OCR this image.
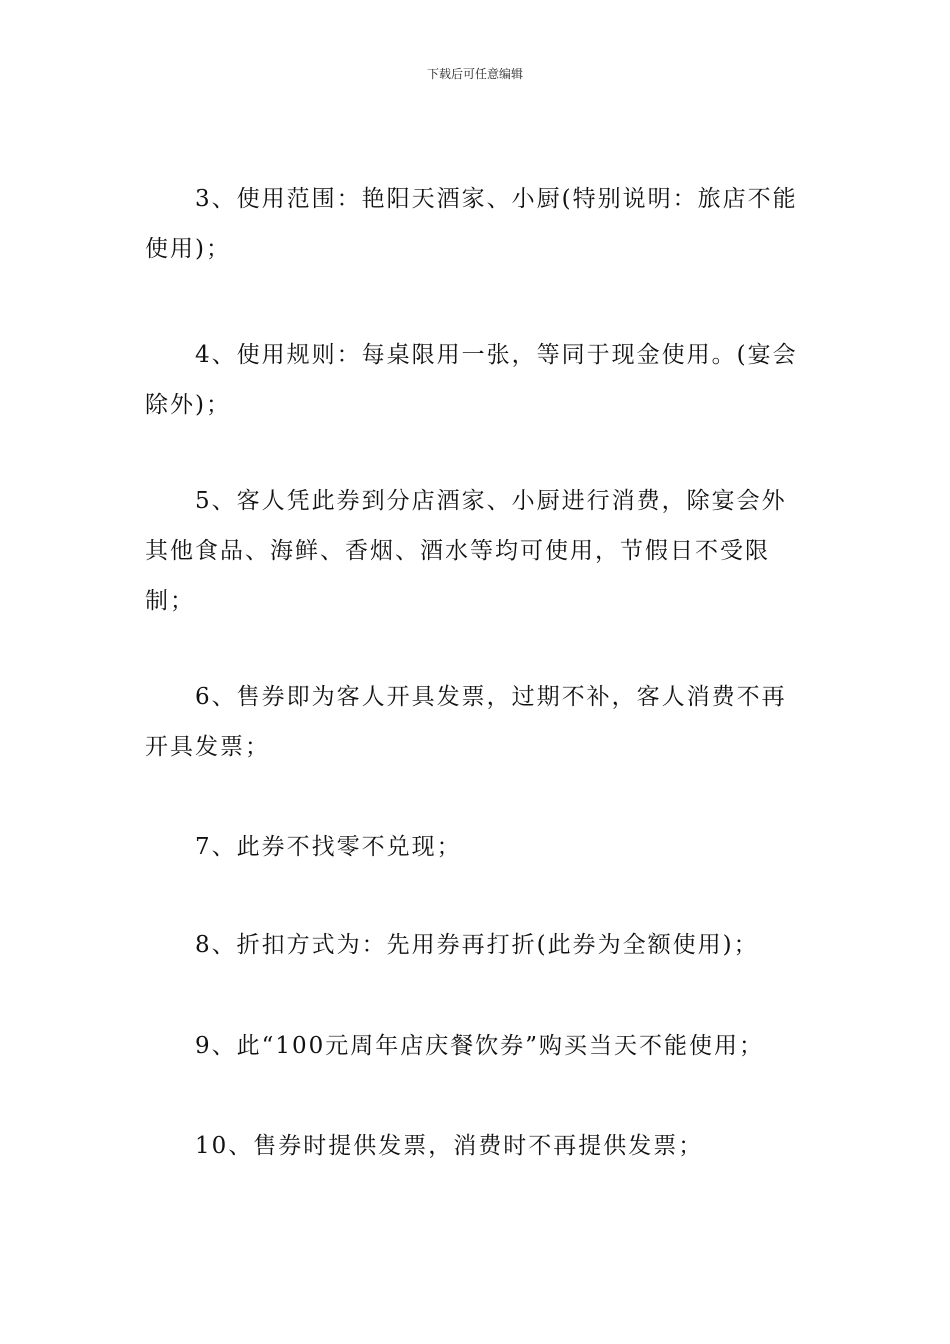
下载后可任意编辑

3、使用范围：艳阳天酒家、小厨(特别说明：旅店不能使用)；

4、使用规则：每桌限用一张，等同于现金使用。(宴会除外)；

5、客人凭此券到分店酒家、小厨进行消费，除宴会外其他食品、海鲜、香烟、酒水等均可使用，节假日不受限制；

6、售券即为客人开具发票，过期不补，客人消费不再开具发票；

7、此券不找零不兑现；

8、折扣方式为：先用券再打折(此券为全额使用)；

9、此“100元周年店庆餐饮券”购买当天不能使用；

10、售券时提供发票，消费时不再提供发票；
